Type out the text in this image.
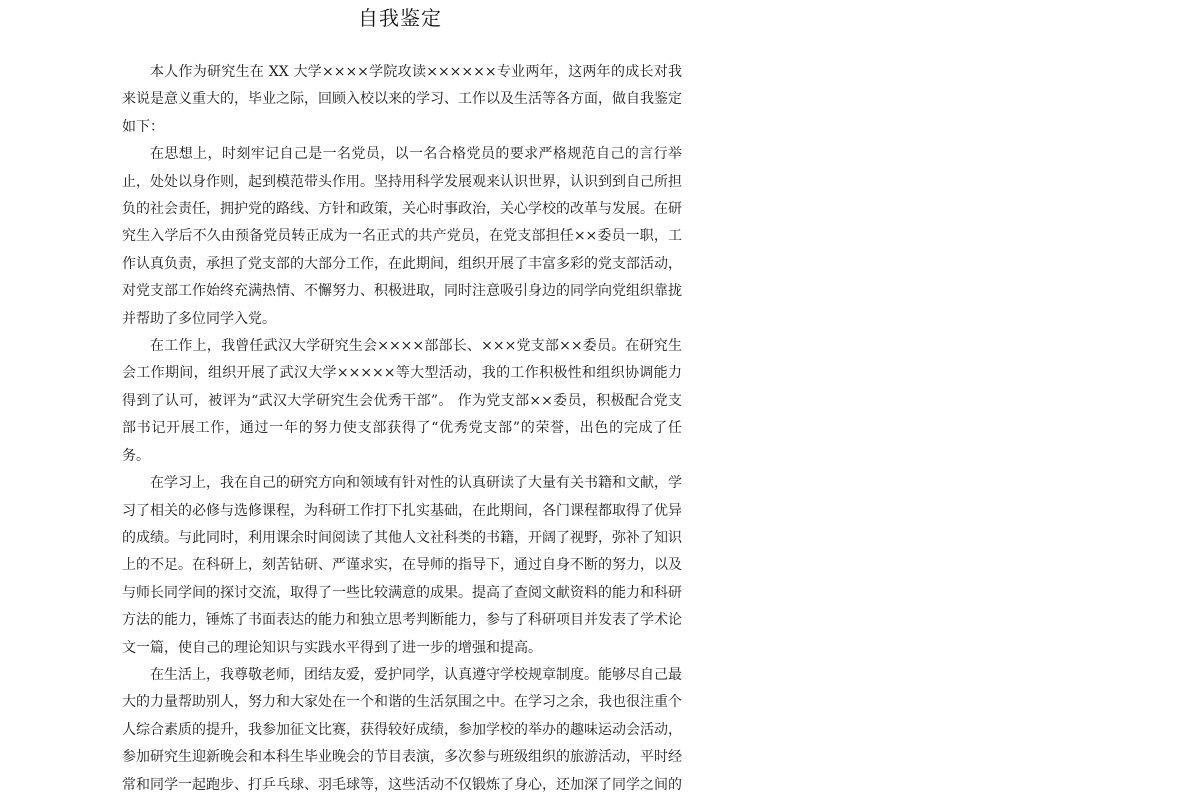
自我鉴定

本人作为研究生在 XX 大学××××学院攻读××××××专业两年，这两年的成长对我来说是意义重大的，毕业之际，回顾入校以来的学习、工作以及生活等各方面，做自我鉴定如下：

在思想上，时刻牢记自己是一名党员，以一名合格党员的要求严格规范自己的言行举止，处处以身作则，起到模范带头作用。坚持用科学发展观来认识世界，认识到到自己所担负的社会责任，拥护党的路线、方针和政策，关心时事政治，关心学校的改革与发展。在研究生入学后不久由预备党员转正成为一名正式的共产党员，在党支部担任××委员一职，工作认真负责，承担了党支部的大部分工作，在此期间，组织开展了丰富多彩的党支部活动，对党支部工作始终充满热情、不懈努力、积极进取，同时注意吸引身边的同学向党组织靠拢并帮助了多位同学入党。

在工作上，我曾任武汉大学研究生会××××部部长、×××党支部××委员。在研究生会工作期间，组织开展了武汉大学×××××等大型活动，我的工作积极性和组织协调能力得到了认可，被评为“武汉大学研究生会优秀干部”。 作为党支部××委员，积极配合党支部书记开展工作，通过一年的努力使支部获得了“优秀党支部”的荣誉，出色的完成了任务。

在学习上，我在自己的研究方向和领域有针对性的认真研读了大量有关书籍和文献，学习了相关的必修与选修课程，为科研工作打下扎实基础，在此期间，各门课程都取得了优异的成绩。与此同时，利用课余时间阅读了其他人文社科类的书籍，开阔了视野，弥补了知识上的不足。在科研上，刻苦钻研、严谨求实，在导师的指导下，通过自身不断的努力，以及与师长同学间的探讨交流，取得了一些比较满意的成果。提高了查阅文献资料的能力和科研方法的能力，锤炼了书面表达的能力和独立思考判断能力，参与了科研项目并发表了学术论文一篇，使自己的理论知识与实践水平得到了进一步的增强和提高。

在生活上，我尊敬老师，团结友爱，爱护同学，认真遵守学校规章制度。能够尽自己最大的力量帮助别人，努力和大家处在一个和谐的生活氛围之中。在学习之余，我也很注重个人综合素质的提升，我参加征文比赛，获得较好成绩，参加学校的举办的趣味运动会活动，参加研究生迎新晚会和本科生毕业晚会的节目表演，多次参与班级组织的旅游活动，平时经常和同学一起跑步、打乒乓球、羽毛球等，这些活动不仅锻炼了身心，还加深了同学之间的
